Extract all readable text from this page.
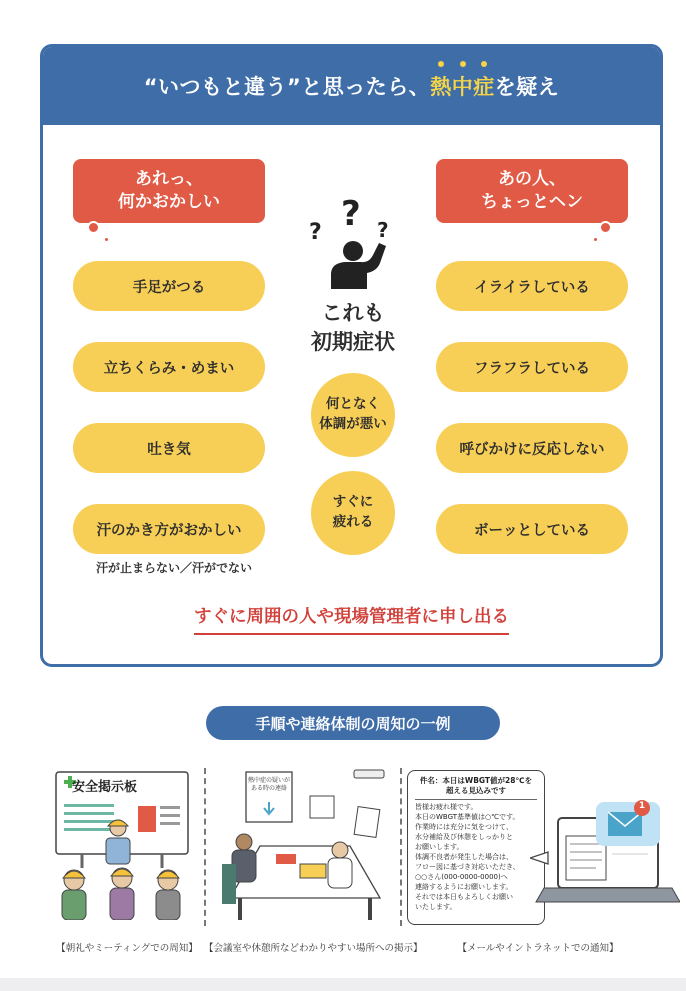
“いつもと違う”と思ったら、
熱中症を疑え
あれっ、
何かおかしい
あの人、
ちょっとヘン
手足がつる
立ちくらみ・めまい
吐き気
汗のかき方がおかしい
汗が止まらない／汗がでない
イライラしている
フラフラしている
呼びかけに反応しない
ボーッとしている
? ? ?
これも
初期症状
何となく
体調が悪い
すぐに
疲れる
すぐに周囲の人や現場管理者に申し出る
手順や連絡体制の周知の一例
安全掲示板	熱中症の疑いが
ある時の連絡
件名：本日はWBGT値が28℃を
超える見込みです
皆様お疲れ様です。
本日のWBGT基準値は○℃です。
作業時には充分に気をつけて、
水分補給及び休憩をしっかりと
お願いします。
体調不良者が発生した場合は、
フロー図に基づき対応いただき、
○○さん(000-0000-0000)へ
連絡するようにお願いします。
それでは本日もよろしくお願い
いたします。
1
【朝礼やミーティングでの周知】 【会議室や休憩所などわかりやすい場所への掲示】	【メールやイントラネットでの通知】
